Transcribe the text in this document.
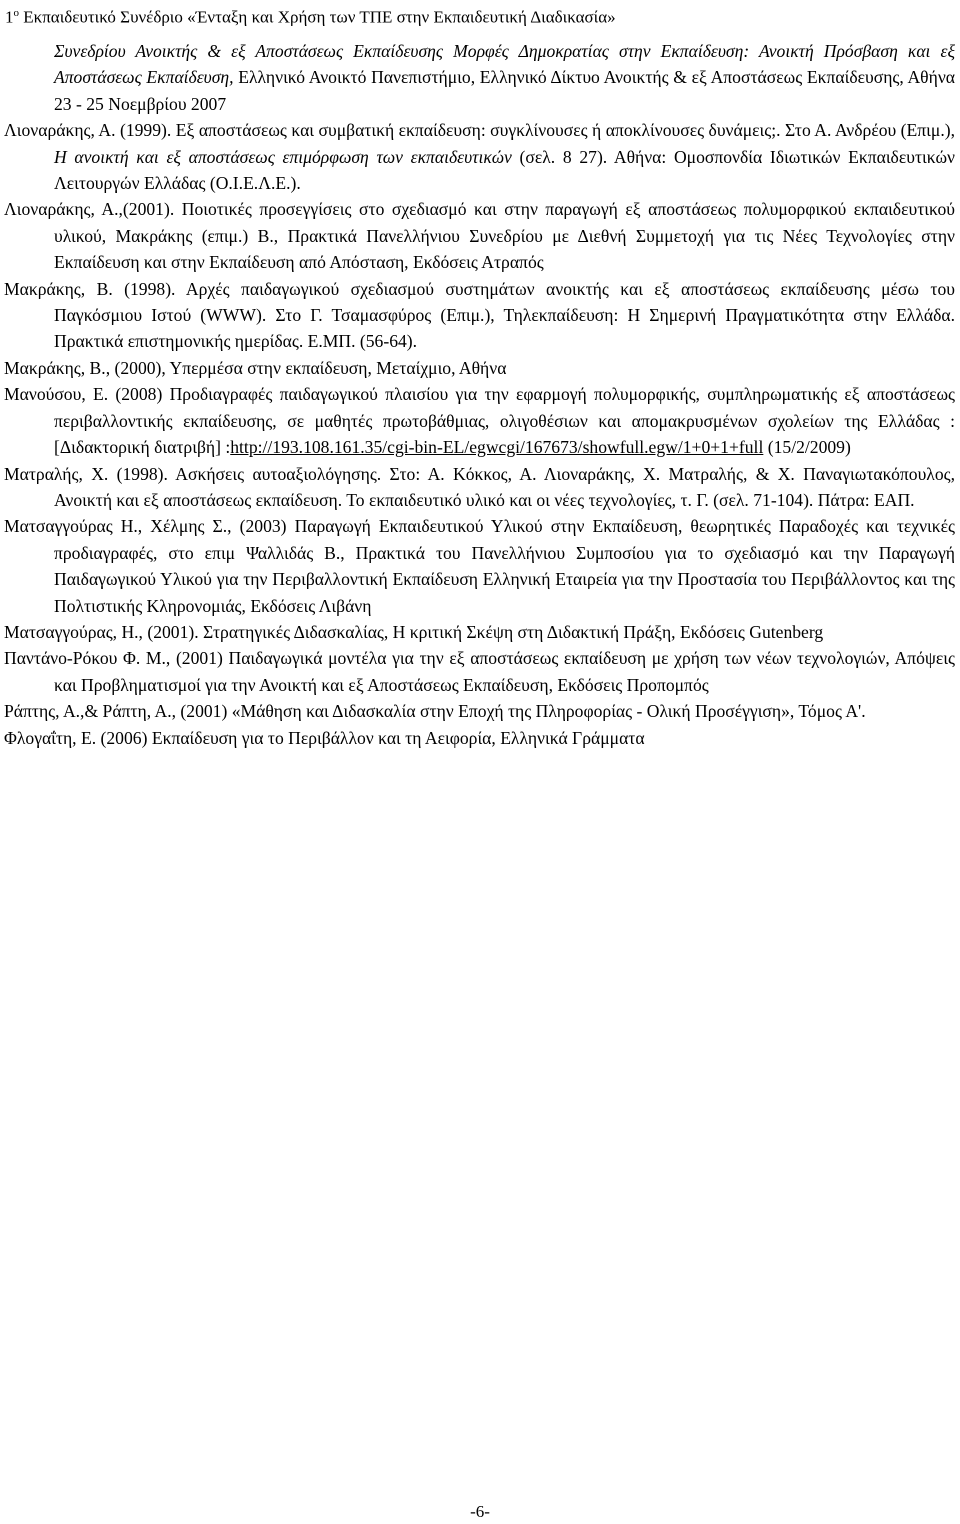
$1^o$ Εκπαιδευτικό Συνέδριο «Ένταξη και Χρήση των ΤΠΕ στην Εκπαιδευτική Διαδικασία»

Συνεδρίου Ανοικτής & εξ Αποστάσεως Εκπαίδευσης Μορφές Δημοκρατίας στην Εκπαίδευση: Ανοικτή Πρόσβαση και εξ Αποστάσεως Εκπαίδευση, Ελληνικό Ανοικτό Πανεπιστήμιο, Ελληνικό Δίκτυο Ανοικτής & εξ Αποστάσεως Εκπαίδευσης, Αθήνα 23 - 25 Νοεμβρίου 2007

Λιοναράκης, Α. (1999). Εξ αποστάσεως και συμβατική εκπαίδευση: συγκλίνουσες ή αποκλίνουσες δυνάμεις;. Στο Α. Ανδρέου (Επιμ.), Η ανοικτή και εξ αποστάσεως επιμόρφωση των εκπαιδευτικών (σελ. 8 27). Αθήνα: Ομοσπονδία Ιδιωτικών Εκπαιδευτικών Λειτουργών Ελλάδας (Ο.Ι.Ε.Λ.Ε.).

Λιοναράκης, Α.,(2001). Ποιοτικές προσεγγίσεις στο σχεδιασμό και στην παραγωγή εξ αποστάσεως πολυμορφικού εκπαιδευτικού υλικού, Μακράκης (επιμ.) Β., Πρακτικά Πανελλήνιου Συνεδρίου με Διεθνή Συμμετοχή για τις Νέες Τεχνολογίες στην Εκπαίδευση και στην Εκπαίδευση από Απόσταση, Εκδόσεις Ατραπός

Μακράκης, Β. (1998). Αρχές παιδαγωγικού σχεδιασμού συστημάτων ανοικτής και εξ αποστάσεως εκπαίδευσης μέσω του Παγκόσμιου Ιστού (WWW). Στο Γ. Τσαμασφύρος (Επιμ.), Τηλεκπαίδευση: Η Σημερινή Πραγματικότητα στην Ελλάδα. Πρακτικά επιστημονικής ημερίδας. Ε.ΜΠ. (56-64).

Μακράκης, Β., (2000), Υπερμέσα στην εκπαίδευση, Μεταίχμιο, Αθήνα

Μανούσου, Ε. (2008) Προδιαγραφές παιδαγωγικού πλαισίου για την εφαρμογή πολυμορφικής, συμπληρωματικής εξ αποστάσεως περιβαλλοντικής εκπαίδευσης, σε μαθητές πρωτοβάθμιας, ολιγοθέσιων και απομακρυσμένων σχολείων της Ελλάδας : [Διδακτορική διατριβή] :http://193.108.161.35/cgi-bin-EL/egwcgi/167673/showfull.egw/1+0+1+full (15/2/2009)

Ματραλής, Χ. (1998). Ασκήσεις αυτοαξιολόγησης. Στο: Α. Κόκκος, Α. Λιοναράκης, Χ. Ματραλής, & Χ. Παναγιωτακόπουλος, Ανοικτή και εξ αποστάσεως εκπαίδευση. Το εκπαιδευτικό υλικό και οι νέες τεχνολογίες, τ. Γ. (σελ. 71-104). Πάτρα: ΕΑΠ.

Ματσαγγούρας Η., Χέλμης Σ., (2003) Παραγωγή Εκπαιδευτικού Υλικού στην Εκπαίδευση, θεωρητικές Παραδοχές και τεχνικές προδιαγραφές, στο επιμ Ψαλλιδάς Β., Πρακτικά του Πανελλήνιου Συμποσίου για το σχεδιασμό και την Παραγωγή Παιδαγωγικού Υλικού για την Περιβαλλοντική Εκπαίδευση Ελληνική Εταιρεία για την Προστασία του Περιβάλλοντος και της Πολτιστικής Κληρονομιάς, Εκδόσεις Λιβάνη

Ματσαγγούρας, Η., (2001). Στρατηγικές Διδασκαλίας, Η κριτική Σκέψη στη Διδακτική Πράξη, Εκδόσεις Gutenberg

Παντάνο-Ρόκου Φ. Μ., (2001) Παιδαγωγικά μοντέλα για την εξ αποστάσεως εκπαίδευση με χρήση των νέων τεχνολογιών, Απόψεις και Προβληματισμοί για την Ανοικτή και εξ Αποστάσεως Εκπαίδευση, Εκδόσεις Προπομπός

Ράπτης, Α.,& Ράπτη, Α., (2001) «Μάθηση και Διδασκαλία στην Εποχή της Πληροφορίας - Ολική Προσέγγιση», Τόμος Α'.

Φλογαΐτη, Ε. (2006) Εκπαίδευση για το Περιβάλλον και τη Αειφορία, Ελληνικά Γράμματα

-6-
